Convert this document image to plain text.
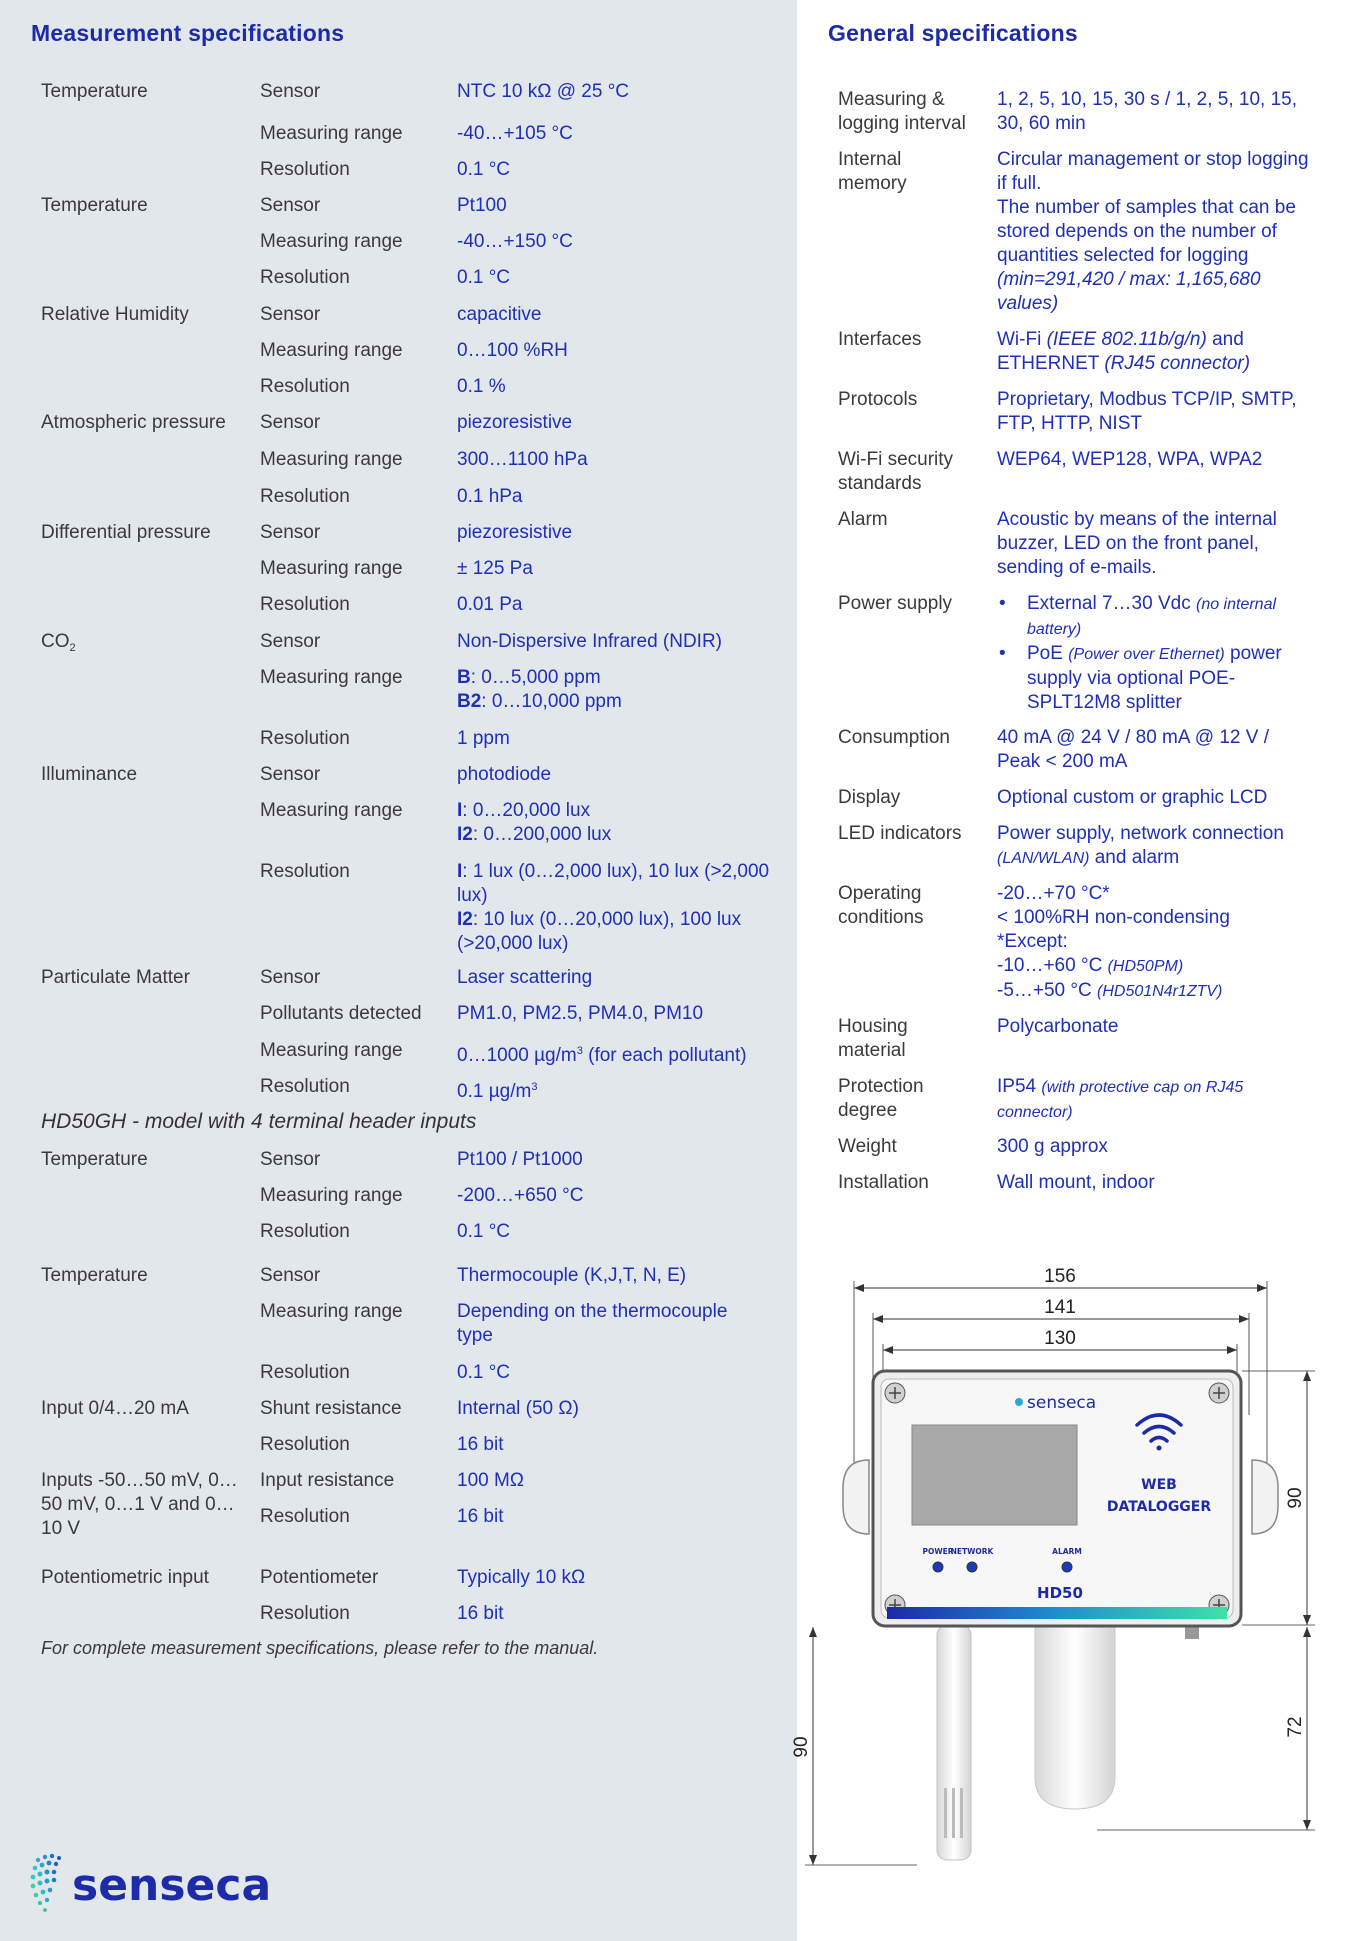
Measurement specifications
Temperature	Sensor	NTC 10 kΩ @ 25 °C
Measuring range	-40…+105 °C
Resolution	0.1 °C
Temperature	Sensor	Pt100
Measuring range	-40…+150 °C
Resolution	0.1 °C
Relative Humidity	Sensor	capacitive
Measuring range	0…100 %RH
Resolution	0.1 %
Atmospheric pressure	Sensor	piezoresistive
Measuring range	300…1100 hPa
Resolution	0.1 hPa
Differential pressure	Sensor	piezoresistive
Measuring range	± 125 Pa
Resolution	0.01 Pa
$CO_2$	Sensor	Non-Dispersive Infrared (NDIR)
Measuring range	B: 0…5,000 ppm
B2: 0…10,000 ppm
Resolution	1 ppm
Illuminance	Sensor	photodiode
Measuring range	I: 0…20,000 lux
I2: 0…200,000 lux
Resolution	I: 1 lux (0…2,000 lux), 10 lux (>2,000 lux)
I2: 10 lux (0…20,000 lux), 100 lux (>20,000 lux)
Particulate Matter	Sensor	Laser scattering
Pollutants detected	PM1.0, PM2.5, PM4.0, PM10
Measuring range	0…1000 $\mu g/m^3$ (for each pollutant)
Resolution	0.1 $\mu g/m^3$
HD50GH - model with 4 terminal header inputs
Temperature	Sensor	Pt100 / Pt1000
Measuring range	-200…+650 °C
Resolution	0.1 °C
Temperature	Sensor	Thermocouple (K,J,T, N, E)
Measuring range	Depending on the thermocouple type
Resolution	0.1 °C
Input 0/4…20 mA	Shunt resistance	Internal (50 Ω)
Resolution	16 bit
Inputs -50…50 mV, 0…50 mV, 0…1 V and 0…10 V
Input resistance	100 MΩ
Resolution	16 bit
Potentiometric input	Potentiometer	Typically 10 kΩ
Resolution	16 bit
For complete measurement specifications, please refer to the manual.
senseca
General specifications
Measuring & logging interval
1, 2, 5, 10, 15, 30 s / 1, 2, 5, 10, 15, 30, 60 min
Internal memory
Circular management or stop logging if full.
The number of samples that can be stored depends on the number of quantities selected for logging
(min=291,420 / max: 1,165,680 values)
Interfaces	Wi-Fi (IEEE 802.11b/g/n) and ETHERNET (RJ45 connector)
Protocols	Proprietary, Modbus TCP/IP, SMTP, FTP, HTTP, NIST
Wi-Fi security standards
WEP64, WEP128, WPA, WPA2
Alarm	Acoustic by means of the internal buzzer, LED on the front panel, sending of e-mails.
Power supply
•	External 7…30 Vdc (no internal battery)
• PoE (Power over Ethernet) power supply via optional POE-SPLT12M8 splitter
Consumption	40 mA @ 24 V / 80 mA @ 12 V / Peak < 200 mA
Display	Optional custom or graphic LCD
LED indicators	Power supply, network connection (LAN/WLAN) and alarm
Operating conditions
-20…+70 °C*
< 100%RH non-condensing
*Except:
-10…+60 °C (HD50PM)
-5…+50 °C (HD501N4r1ZTV)
Housing material
Polycarbonate
Protection degree
IP54 (with protective cap on RJ45 connector)
Weight	300 g approx
Installation	Wall mount, indoor
156
141
130
90
72
90
senseca
WEB
DATALOGGER
POWER
NETWORK	ALARM
HD50
